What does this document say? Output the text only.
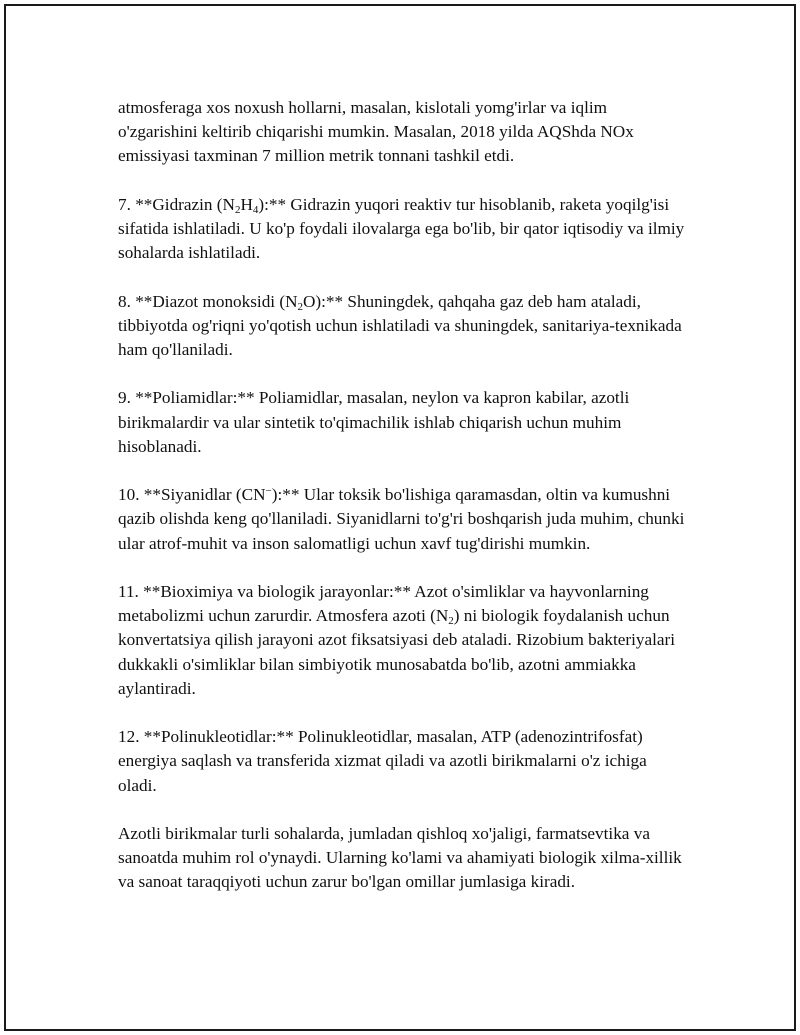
atmosferaga xos noxush hollarni, masalan, kislotali yomg'irlar va iqlim o'zgarishini keltirib chiqarishi mumkin. Masalan, 2018 yilda AQShda NOx emissiyasi taxminan 7 million metrik tonnani tashkil etdi.

7. **Gidrazin $(N_2H_4):**$ Gidrazin yuqori reaktiv tur hisoblanib, raketa yoqilg'isi sifatida ishlatiladi. U ko'p foydali ilovalarga ega bo'lib, bir qator iqtisodiy va ilmiy sohalarda ishlatiladi.

8. **Diazot monoksidi $(N_2O):**$ Shuningdek, qahqaha gaz deb ham ataladi, tibbiyotda og'riqni yo'qotish uchun ishlatiladi va shuningdek, sanitariya-texnikada ham qo'llaniladi.

9. **Poliamidlar:** Poliamidlar, masalan, neylon va kapron kabilar, azotli birikmalardir va ular sintetik to'qimachilik ishlab chiqarish uchun muhim hisoblanadi.

10. **Siyanidlar (CN−):** Ular toksik bo'lishiga qaramasdan, oltin va kumushni qazib olishda keng qo'llaniladi. Siyanidlarni to'g'ri boshqarish juda muhim, chunki ular atrof-muhit va inson salomatligi uchun xavf tug'dirishi mumkin.

11. **Bioximiya va biologik jarayonlar:** Azot o'simliklar va hayvonlarning metabolizmi uchun zarurdir. Atmosfera azoti $(N_2)$ ni biologik foydalanish uchun konvertatsiya qilish jarayoni azot fiksatsiyasi deb ataladi. Rizobium bakteriyalari dukkakli o'simliklar bilan simbiyotik munosabatda bo'lib, azotni ammiakka aylantiradi.

12. **Polinukleotidlar:** Polinukleotidlar, masalan, ATP (adenozintrifosfat) energiya saqlash va transferida xizmat qiladi va azotli birikmalarni o'z ichiga oladi.

Azotli birikmalar turli sohalarda, jumladan qishloq xo'jaligi, farmatsevtika va sanoatda muhim rol o'ynaydi. Ularning ko'lami va ahamiyati biologik xilma-xillik va sanoat taraqqiyoti uchun zarur bo'lgan omillar jumlasiga kiradi.
